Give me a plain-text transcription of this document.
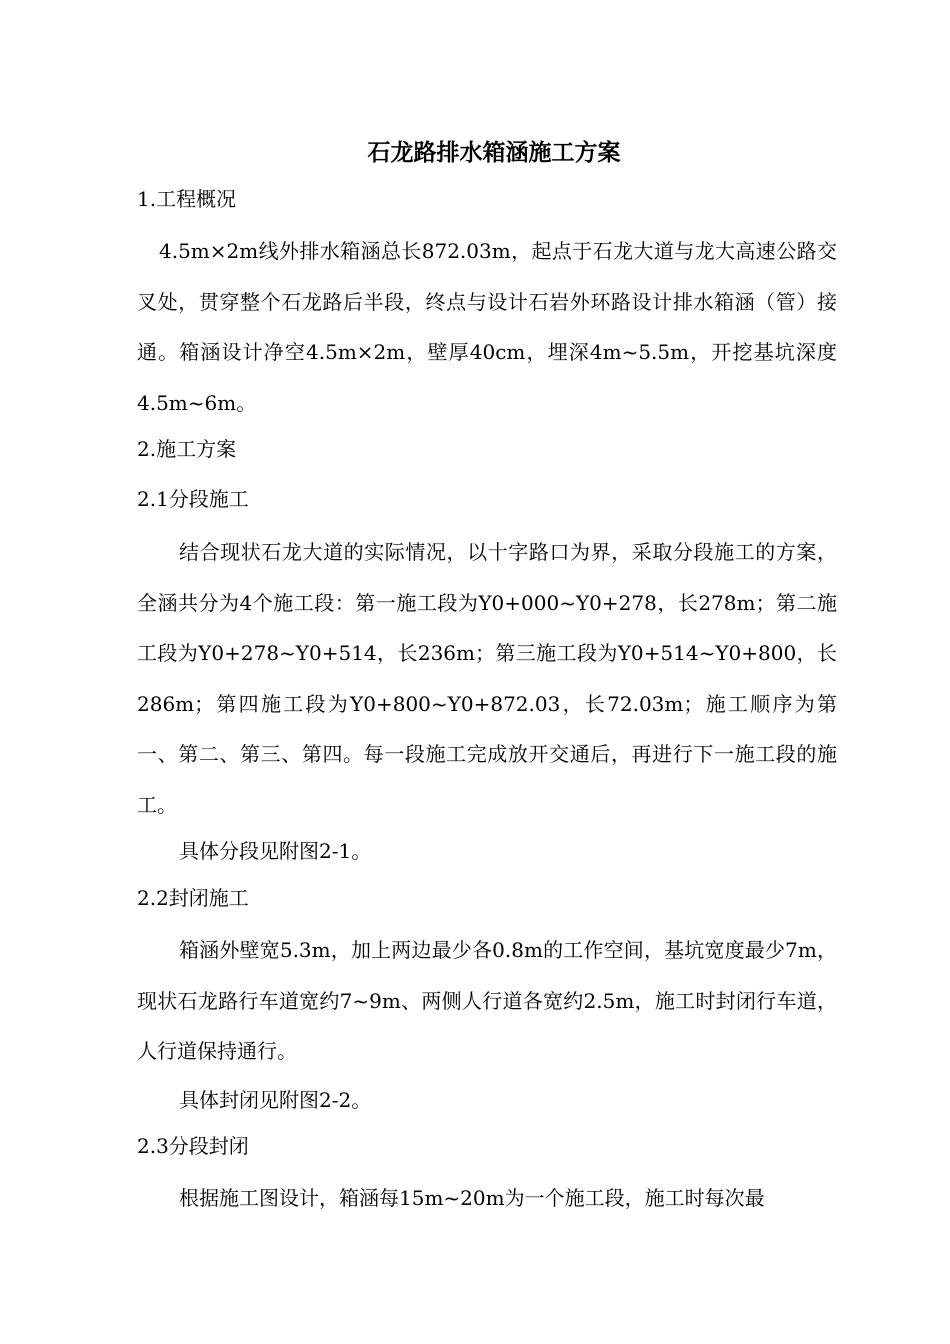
石龙路排水箱涵施工方案

1.工程概况

4.5m×2m线外排水箱涵总长872.03m，起点于石龙大道与龙大高速公路交叉处，贯穿整个石龙路后半段，终点与设计石岩外环路设计排水箱涵（管）接通。箱涵设计净空4.5m×2m，壁厚40cm，埋深4m~5.5m，开挖基坑深度4.5m~6m。

2.施工方案

2.1分段施工

结合现状石龙大道的实际情况，以十字路口为界，采取分段施工的方案，全涵共分为4个施工段：第一施工段为Y0+000~Y0+278，长278m；第二施工段为Y0+278~Y0+514，长236m；第三施工段为Y0+514~Y0+800，长286m；第四施工段为Y0+800~Y0+872.03，长72.03m；施工顺序为第一、第二、第三、第四。每一段施工完成放开交通后，再进行下一施工段的施工。

具体分段见附图2-1。

2.2封闭施工

箱涵外壁宽5.3m，加上两边最少各0.8m的工作空间，基坑宽度最少7m，现状石龙路行车道宽约7~9m、两侧人行道各宽约2.5m，施工时封闭行车道，人行道保持通行。

具体封闭见附图2-2。

2.3分段封闭

根据施工图设计，箱涵每15m~20m为一个施工段，施工时每次最
